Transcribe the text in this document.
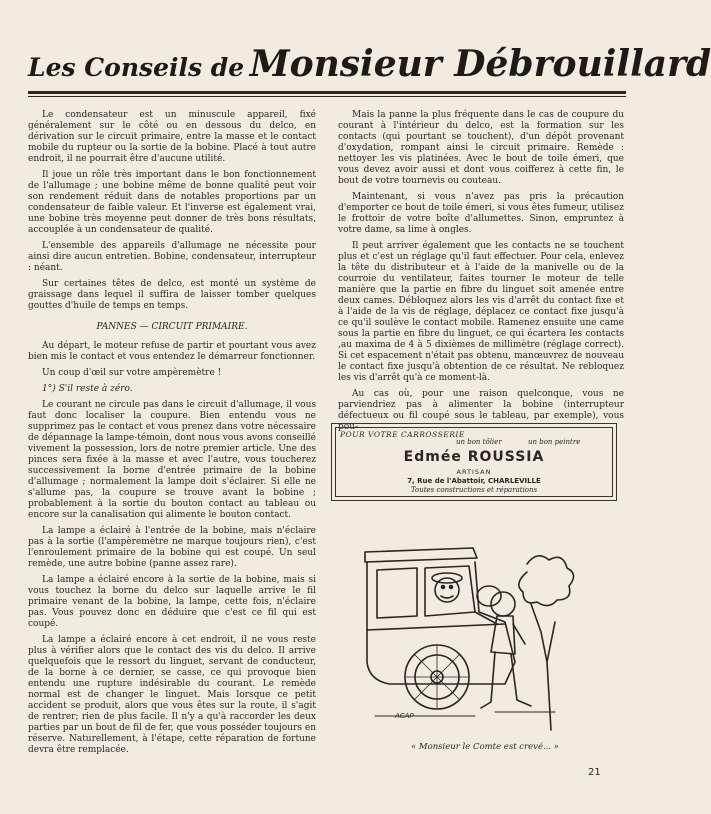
Les Conseils de Monsieur Débrouillard

Le condensateur est un minuscule appareil, fixé généralement sur le côté ou en dessous du delco, en dérivation sur le circuit primaire, entre la masse et le contact mobile du rupteur ou la sortie de la bobine. Placé à tout autre endroit, il ne pourrait être d'aucune utilité.

Il joue un rôle très important dans le bon fonctionnement de l'allumage ; une bobine même de bonne qualité peut voir son rendement réduit dans de notables proportions par un condensateur de faible valeur. Et l'inverse est également vrai, une bobine très moyenne peut donner de très bons résultats, accouplée à un condensateur de qualité.

L'ensemble des appareils d'allumage ne nécessite pour ainsi dire aucun entretien. Bobine, condensateur, interrupteur : néant.

Sur certaines têtes de delco, est monté un système de graissage dans lequel il suffira de laisser tomber quelques gouttes d'huile de temps en temps.

PANNES — CIRCUIT PRIMAIRE.

Au départ, le moteur refuse de partir et pourtant vous avez bien mis le contact et vous entendez le démarreur fonctionner.

Un coup d'œil sur votre ampèremètre !

1°) S'il reste à zéro.

Le courant ne circule pas dans le circuit d'allumage, il vous faut donc localiser la coupure. Bien entendu vous ne supprimez pas le contact et vous prenez dans votre nécessaire de dépannage la lampe-témoin, dont nous vous avons conseillé vivement la possession, lors de notre premier article. Une des pinces sera fixée à la masse et avec l'autre, vous toucherez successivement la borne d'entrée primaire de la bobine d'allumage ; normalement la lampe doit s'éclairer. Si elle ne s'allume pas, la coupure se trouve avant la bobine ; probablement à la sortie du bouton contact au tableau ou encore sur la canalisation qui alimente le bouton contact.

La lampe a éclairé à l'entrée de la bobine, mais n'éclaire pas à la sortie (l'ampèremètre ne marque toujours rien), c'est l'enroulement primaire de la bobine qui est coupé. Un seul remède, une autre bobine (panne assez rare).

La lampe a éclairé encore à la sortie de la bobine, mais si vous touchez la borne du delco sur laquelle arrive le fil primaire venant de la bobine, la lampe, cette fois, n'éclaire pas. Vous pouvez donc en déduire que c'est ce fil qui est coupé.

La lampe a éclairé encore à cet endroit, il ne vous reste plus à vérifier alors que le contact des vis du delco. Il arrive quelquefois que le ressort du linguet, servant de conducteur, de la borne à ce dernier, se casse, ce qui provoque bien entendu une rupture indésirable du courant. Le remède normal est de changer le linguet. Mais lorsque ce petit accident se produit, alors que vous êtes sur la route, il s'agit de rentrer; rien de plus facile. Il n'y a qu'à raccorder les deux parties par un bout de fil de fer, que vous posséder toujours en réserve. Naturellement, à l'étape, cette réparation de fortune devra être remplacée.

Mais la panne la plus fréquente dans le cas de coupure du courant à l'intérieur du delco, est la formation sur les contacts (qui pourtant se touchent), d'un dépôt provenant d'oxydation, rompant ainsi le circuit primaire. Remède : nettoyer les vis platinées. Avec le bout de toile émeri, que vous devez avoir aussi et dont vous coifferez à cette fin, le bout de votre tournevis ou couteau.

Maintenant, si vous n'avez pas pris la précaution d'emporter ce bout de toile émeri, si vous êtes fumeur, utilisez le frottoir de votre boîte d'allumettes. Sinon, empruntez à votre dame, sa lime à ongles.

Il peut arriver également que les contacts ne se touchent plus et c'est un réglage qu'il faut effectuer. Pour cela, enlevez la tête du distributeur et à l'aide de la manivelle ou de la courroie du ventilateur, faites tourner le moteur de telle manière que la partie en fibre du linguet soit amenée entre deux cames. Débloquez alors les vis d'arrêt du contact fixe et à l'aide de la vis de réglage, déplacez ce contact fixe jusqu'à ce qu'il soulève le contact mobile. Ramenez ensuite une came sous la partie en fibre du linguet, ce qui écartera les contacts ,au maxima de 4 à 5 dixièmes de millimètre (réglage correct). Si cet espacement n'était pas obtenu, manœuvrez de nouveau le contact fixe jusqu'à obtention de ce résultat. Ne rebloquez les vis d'arrêt qu'à ce moment-là.

Au cas où, pour une raison quelconque, vous ne parviendriez pas à alimenter la bobine (interrupteur défectueux ou fil coupé sous le tableau, par exemple), vous pou-

POUR VOTRE CARROSSERIE
un bon tôlier	un bon peintre
Edmée ROUSSIA
ARTISAN
7, Rue de l'Abattoir, CHARLEVILLE
Toutes constructions et réparations
ACAP
« Monsieur le Comte est crevé... »
21
